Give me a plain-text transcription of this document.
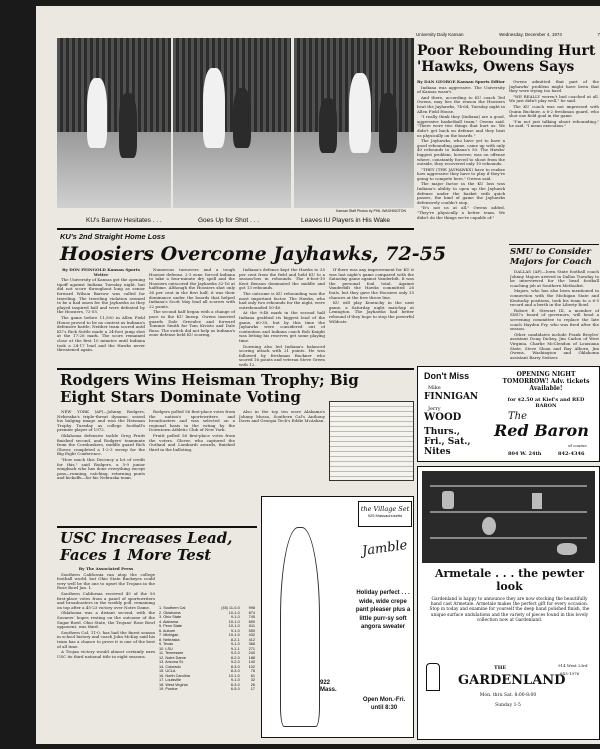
University Daily Kansan	Wednesday, December 4, 1974	7
Kansan Staff Photos by PHIL WASHINGTON
KU's Barrow Hesitates . . .	Goes Up for Shot . . .	Leaves IU Players in His Wake
Poor Rebounding Hurt 'Hawks, Owens Says

By DAN GEORGE Kansan Sports Editor

Indiana was aggressive. The University of Kansas wasn't.

And there, according to KU coach Ted Owens, may lies the reason the Hoosiers beat the Jayhawks, 74-64, Tuesday night in Allen Field House.

"I really think they (Indiana) are a good, aggressive basketball team," Owens said. "There were two things that hurt us. We didn't get back on defense and they beat us physically on the boards."

The Jayhawks, who have yet to have a good rebounding game, came up with only 40 rebounds to Indiana's 50. The Hawks' biggest problem, however, was on offense where, constantly forced to shoot from the outside, they recovered only 10 rebounds.

"THEY (THE JAYHAWKS) have to realize how aggressive they have to play if they're going to compete here," Owens said.

The major factor in the KU loss was Indiana's ability to open up the Jayhawk defense under the basket with quick passes, the kind of game the Jayhawks defensively couldn't stop.

"It's not us at all," Owens added. "They're physically a better team. We didn't do the things we're capable of."

Owens admitted that part of the Jayhawks' problem might have been that they were trying too hard.

"WE REALLY weren't bad coached at all. We just didn't play well," he said.

The KU coach was not impressed with Quinn Buckner, a 6-2 freshman guard, who shot one field goal in the game.

"I'm not just talking about rebounding," he said. "I mean execution."

SMU to Consider Majors for Coach

DALLAS (AP)—Iowa State football coach Johnny Majors arrived in Dallas Tuesday to be interviewed for the head football coaching job at Southern Methodist.

Majors, who has also been mentioned in connection with the Michigan State and Kentucky positions, took his team to a 6-5 record and a berth in the Liberty Bowl.

Robert E. Stewart III, a member of SMU's board of governors, will head a screening committee to replace the late coach Hayden Fry, who was fired after the season.

Other candidates include Frank Broyles' assistant Doug Dickey, Jim Carlen of West Virginia, Charlie McClendon of Louisiana State, Steve Sloan and Ray Alborn, Jim Owens, Washington and Oklahoma assistant Barry Switzer.

KU's 2nd Straight Home Loss
Hoosiers Overcome Jayhawks, 72-55

By DON FEINGOLD Kansan Sports Writer

The University of Kansas got the opening tipoff against Indiana Tuesday night, but did not score throughout long as senior forward Wilson Barrow was called for traveling. The traveling violation seemed to be a bad omen for the Jayhawks as they played inspired ball and were defeated by the Hoosiers, 72-55.

The game before 11,500 in Allen Field House proved to be no contest as Indiana's defensive battle. Neither team scored until KU's Rick Suttle made a 24-foot jump shot at the 17:26 mark. The score remained close at the first 10 minutes until Indiana took a 24-17 lead and the Hawks never threatened again.

Numerous turnovers and a tough Hoosier defense, 2-3 zone, forced Indiana to take a four-minute dry spell and the Hoosiers outscored the Jayhawks 32-16 at halftime. Although the Hoosiers shot only 36 per cent in the first half, it was their dominance under the boards that helped Indiana's Scott May lead all scorers with 22 points.

The second half began with a change of pace in the KU lineup. Owens inserted guards Dale Greenlee and forward Tommie Smith for Tom Kivisto and Dale Russ. The switch did not help as Indiana's zone defense held KU scoring.

Indiana's defense kept the Hawks to 35 per cent from the field and held KU to a season-low in rebounds. The 6-foot-10 Kent Benson dominated the middle and got 13 rebounds.

The outcome is KU rebounding was the most important factor. The Hawks, who had only two rebounds for the night, were outrebounded 50-40.

At the 9:48 mark in the second half Indiana grabbed its biggest lead of the game, 60-35, but by this time the Jayhawks were considered out of contention and Indiana coach Bob Knight was letting his reserves get some playing time.

Downing also led Indiana's balanced scoring attack with 21 points. He was followed by freshman Buckner who scored 16 points and veteran Steve Green with 12.

If there was any improvement for KU it was last night's game compared with the Saturday game against Vanderbilt. It was the personal foul total. Against Vanderbilt the Hawks committed 26 fouls, but they gave the Hoosiers only 15 chances at the free throw line.

KU will play Kentucky in the next game, a Saturday night matchup at Lexington. The Jayhawks had better rebound if they hope to stop the powerful Wildcats.

Rodgers Wins Heisman Trophy; Big Eight Stars Dominate Voting

NEW YORK (AP)—Johnny Rodgers, Nebraska's triple-threat dynamo, seized his bulging image and won the Heisman Trophy Tuesday as college football's premier player of 1972.

Oklahoma defensive tackle Greg Pruitt finished second, and Rodgers' teammate from the Cornhuskers, middle guard Rich Glover, completed a 1-2-3 sweep for the Big Eight Conference.

"How much this Decency a lot of credit for this," said Rodgers, a 5-9 junior wingback who has done everything except pass—running, catching, returning punts and kickoffs—for his Nebraska team.

Rodgers polled 56 first-place votes from the nation's sportswriters and broadcasters and was selected on a regional basis in the voting by the Downtown Athletic Club of New York.

Pruitt polled 56 first-place votes from the voters. Glover, who captured the Outland and Lombardi awards, finished third in the balloting.

Also in the top ten were Alabama's Johnny Musso, Southern Cal's Anthony Davis and Georgia Tech's Eddie McAshan.

USC Increases Lead, Faces 1 More Test

By The Associated Press

Southern California ran atop the college football world, but Ohio State Buckeyes could very well be the one to upset the Trojans in the Rose Bowl Jan. 1.

Southern California received 45 of the 50 first-place votes from a panel of sportswriters and broadcasters in the weekly poll, remaining on top after a 45-23 victory over Notre Dame.

Oklahoma was a distant second, with the Sooners' hopes resting on the outcome of the Sugar Bowl. Ohio State, the Trojans' Rose Bowl opponent, was third.

Southern Cal, 11-0, has had the finest season in school history and coach John McKay said his team has a chance to prove it is one of the best of all time.

A Trojan victory would almost certainly earn USC its third national title in eight seasons.

1. Southern Cal	(45) 11-0-0	998
2. Oklahoma	10-1-0	874
3. Ohio State	9-1-0	745
4. Alabama	10-1-0	690
5. Penn State	10-1-0	611
6. Auburn	9-1-0	550
7. Michigan	10-1-0	432
8. Nebraska	8-2-1	412
9. Texas	9-1-0	366
10. LSU	9-1-1	271
11. Tennessee	9-2-0	240
12. Notre Dame	8-2-0	188
13. Arizona St.	9-2-0	140
14. Colorado	8-3-0	102
15. UCLA	8-3-0	76
16. North Carolina	10-1-0	61
17. Louisville	9-1-0	32
18. West Virginia	8-3-0	26
19. Purdue	6-5-0	17
the Village Set
925 Massachusetts
Jamble
Holiday perfect . . . wide, wide crepe pant pleaser plus a little purr-sy soft angora sweater
922
Mass.
Open Mon.-Fri. until 8:30
Don't Miss
Mike
FINNIGAN
Jerry
WOOD
Thurs., Fri., Sat., Nites
OPENING NIGHT TOMORROW! Adv. tickets Available!
for $2.50 at Kief's and RED BARON
The
Red Baron
of course
804 W. 24th	842-4346
Armetale . . . the pewter look
Gardenland is happy to announce they are now stocking the beautifully hand cast Armetale. Armetale makes the perfect gift for every occasion. Stop in today and examine for yourself the deep hand polished finish, the unique surface undulations and the variety of pieces found in this lovely collection now at Gardenland.
THE
GARDENLAND
914 West 23rd
843-1976
Mon. thru Sat. 8:00-8:00
Sunday 1-5
